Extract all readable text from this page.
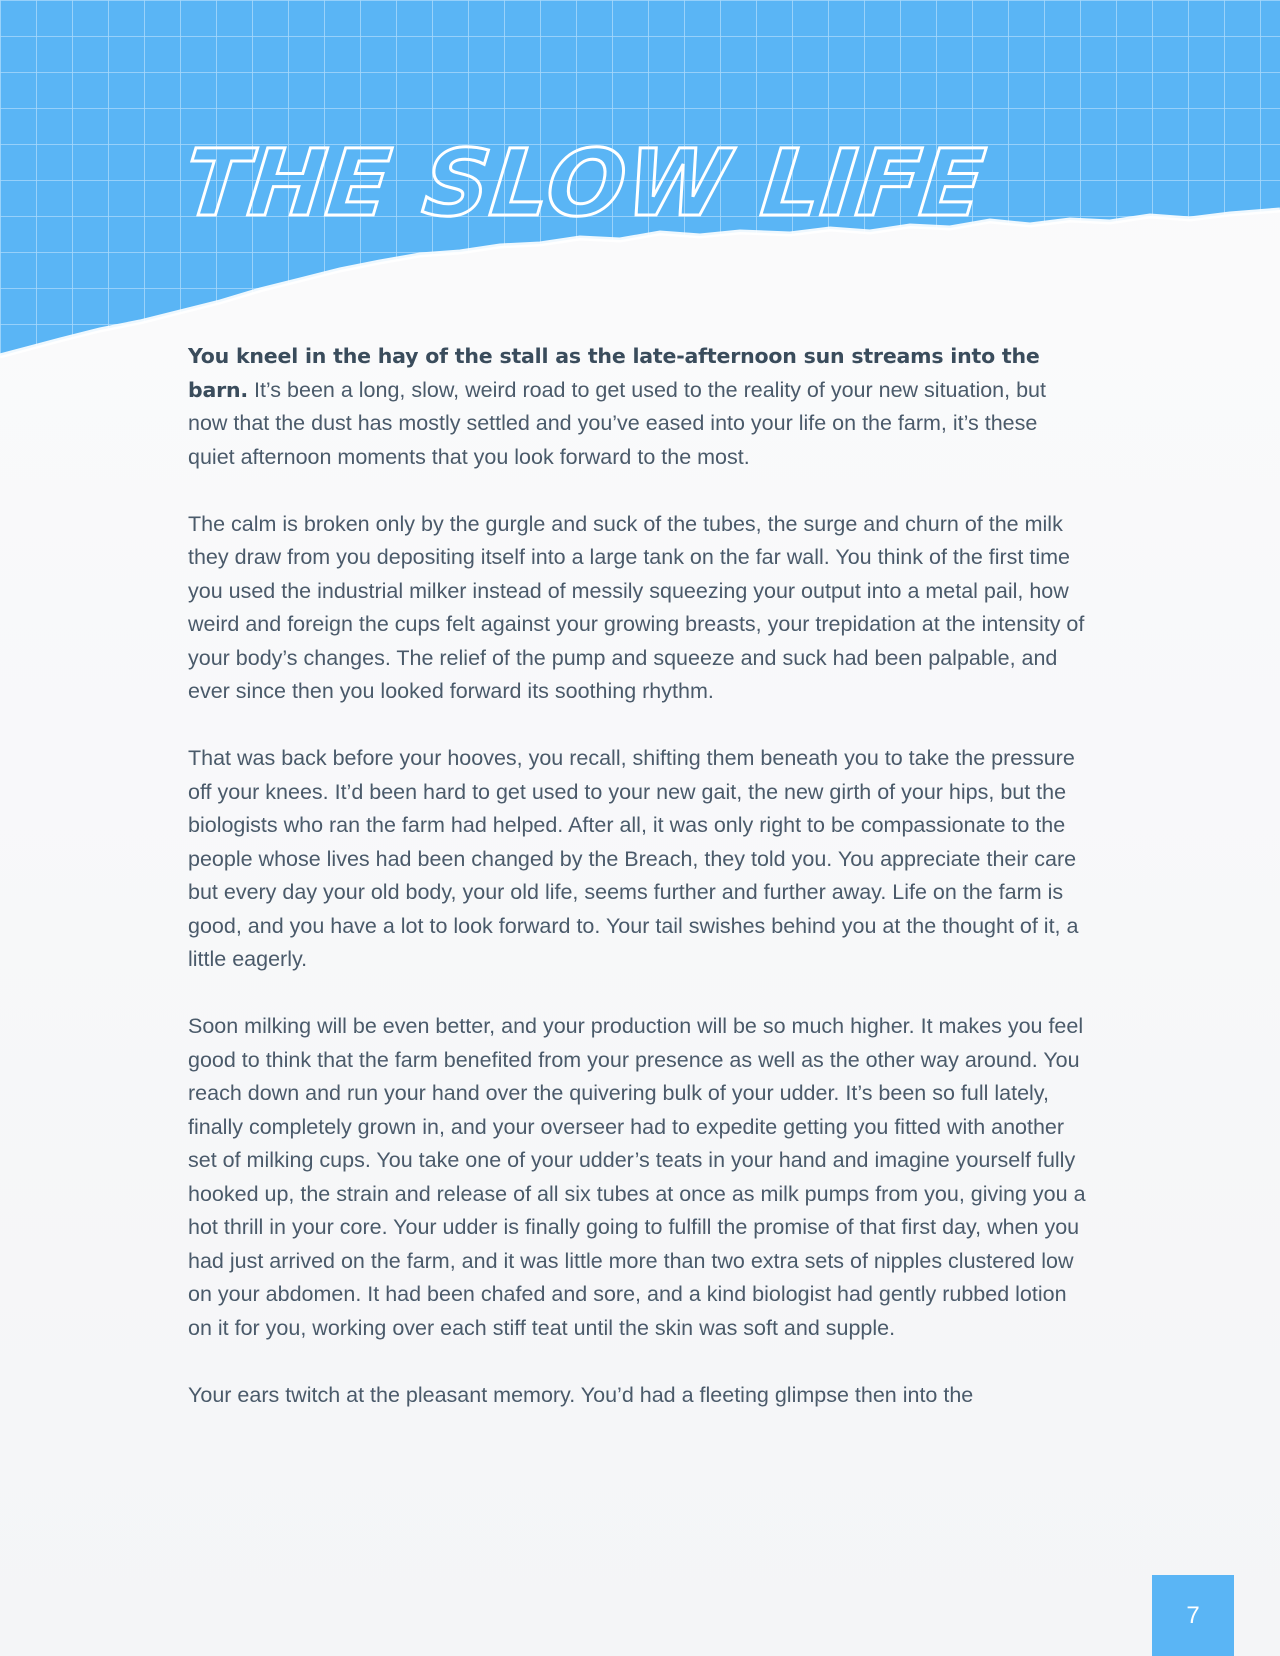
THE SLOW LIFE

You kneel in the hay of the stall as the late-afternoon sun streams into the barn. It’s been a long, slow, weird road to get used to the reality of your new situation, but now that the dust has mostly settled and you’ve eased into your life on the farm, it’s these quiet afternoon moments that you look forward to the most.

The calm is broken only by the gurgle and suck of the tubes, the surge and churn of the milk they draw from you depositing itself into a large tank on the far wall. You think of the first time you used the industrial milker instead of messily squeezing your output into a metal pail, how weird and foreign the cups felt against your growing breasts, your trepidation at the intensity of your body’s changes. The relief of the pump and squeeze and suck had been palpable, and ever since then you looked forward its soothing rhythm.

That was back before your hooves, you recall, shifting them beneath you to take the pressure off your knees. It’d been hard to get used to your new gait, the new girth of your hips, but the biologists who ran the farm had helped. After all, it was only right to be compassionate to the people whose lives had been changed by the Breach, they told you. You appreciate their care but every day your old body, your old life, seems further and further away. Life on the farm is good, and you have a lot to look forward to. Your tail swishes behind you at the thought of it, a little eagerly.

Soon milking will be even better, and your production will be so much higher. It makes you feel good to think that the farm benefited from your presence as well as the other way around. You reach down and run your hand over the quivering bulk of your udder. It’s been so full lately, finally completely grown in, and your overseer had to expedite getting you fitted with another set of milking cups. You take one of your udder’s teats in your hand and imagine yourself fully hooked up, the strain and release of all six tubes at once as milk pumps from you, giving you a hot thrill in your core. Your udder is finally going to fulfill the promise of that first day, when you had just arrived on the farm, and it was little more than two extra sets of nipples clustered low on your abdomen. It had been chafed and sore, and a kind biologist had gently rubbed lotion on it for you, working over each stiff teat until the skin was soft and supple.

Your ears twitch at the pleasant memory. You’d had a fleeting glimpse then into the

7
